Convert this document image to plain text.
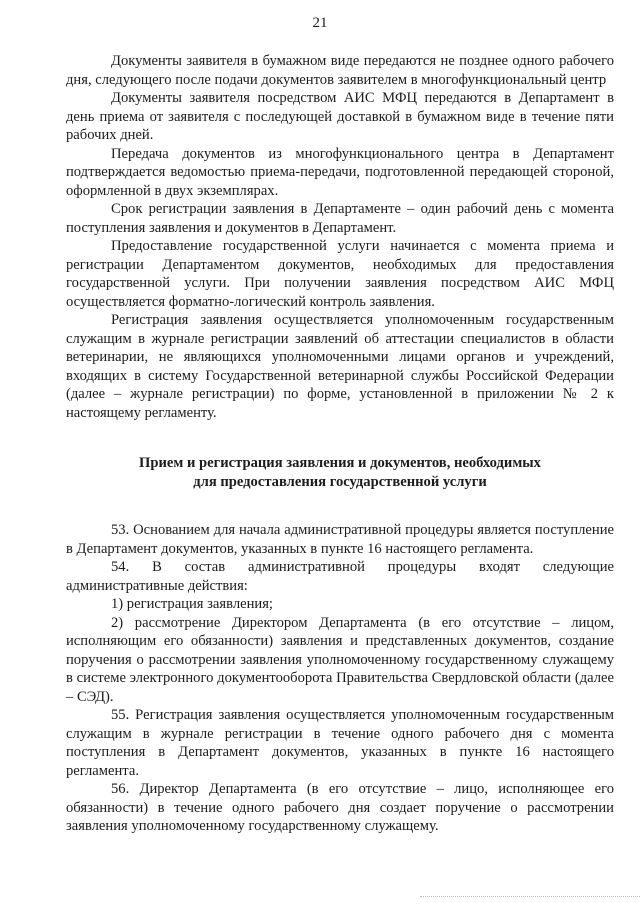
21

Документы заявителя в бумажном виде передаются не позднее одного рабочего дня, следующего после подачи документов заявителем в многофункциональный центр

Документы заявителя посредством АИС МФЦ передаются в Департамент в день приема от заявителя с последующей доставкой в бумажном виде в течение пяти рабочих дней.

Передача документов из многофункционального центра в Департамент подтверждается ведомостью приема-передачи, подготовленной передающей стороной, оформленной в двух экземплярах.

Срок регистрации заявления в Департаменте – один рабочий день с момента поступления заявления и документов в Департамент.

Предоставление государственной услуги начинается с момента приема и регистрации Департаментом документов, необходимых для предоставления государственной услуги. При получении заявления посредством АИС МФЦ осуществляется форматно-логический контроль заявления.

Регистрация заявления осуществляется уполномоченным государственным служащим в журнале регистрации заявлений об аттестации специалистов в области ветеринарии, не являющихся уполномоченными лицами органов и учреждений, входящих в систему Государственной ветеринарной службы Российской Федерации (далее – журнале регистрации) по форме, установленной в приложении № 2 к настоящему регламенту.

Прием и регистрация заявления и документов, необходимых
для предоставления государственной услуги

53. Основанием для начала административной процедуры является поступление в Департамент документов, указанных в пункте 16 настоящего регламента.

54. В состав административной процедуры входят следующие административные действия:

1) регистрация заявления;

2) рассмотрение Директором Департамента (в его отсутствие – лицом, исполняющим его обязанности) заявления и представленных документов, создание поручения о рассмотрении заявления уполномоченному государственному служащему в системе электронного документооборота Правительства Свердловской области (далее – СЭД).

55. Регистрация заявления осуществляется уполномоченным государственным служащим в журнале регистрации в течение одного рабочего дня с момента поступления в Департамент документов, указанных в пункте 16 настоящего регламента.

56. Директор Департамента (в его отсутствие – лицо, исполняющее его обязанности) в течение одного рабочего дня создает поручение о рассмотрении заявления уполномоченному государственному служащему.
